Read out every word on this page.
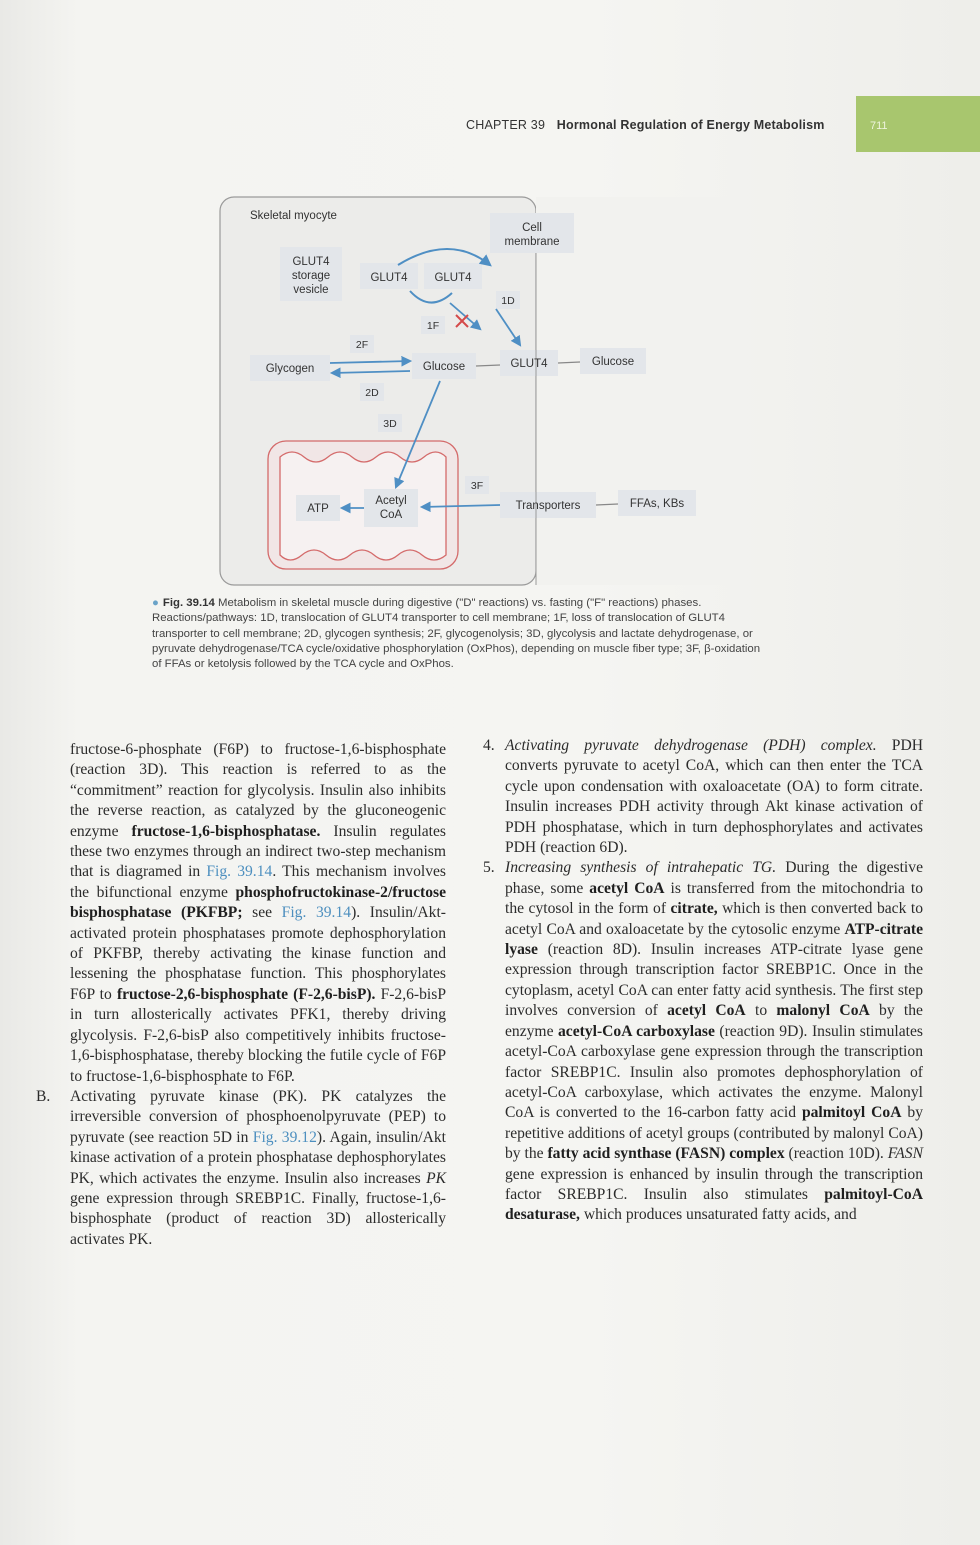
CHAPTER 39 Hormonal Regulation of Energy Metabolism	711
Skeletal myocyte
Cell
membrane
GLUT4
storage
vesicle
GLUT4 GLUT4
GLUT4
Glucose	Glucose
Glycogen
ATP
Acetyl
CoA
Transporters	FFAs, KBs
1D
1F
2F
2D
3D
3F
● Fig. 39.14 Metabolism in skeletal muscle during digestive ("D" reactions) vs. fasting ("F" reactions) phases. Reactions/pathways: 1D, translocation of GLUT4 transporter to cell membrane; 1F, loss of translocation of GLUT4 transporter to cell membrane; 2D, glycogen synthesis; 2F, glycogenolysis; 3D, glycolysis and lactate dehydrogenase, or pyruvate dehydrogenase/TCA cycle/oxidative phosphorylation (OxPhos), depending on muscle fiber type; 3F, β-oxidation of FFAs or ketolysis followed by the TCA cycle and OxPhos.

fructose-6-phosphate (F6P) to fructose-1,6-bisphosphate (reaction 3D). This reaction is referred to as the “commitment” reaction for glycolysis. Insulin also inhibits the reverse reaction, as catalyzed by the gluconeogenic enzyme fructose-1,6-bisphosphatase. Insulin regulates these two enzymes through an indirect two-step mechanism that is diagramed in Fig. 39.14. This mechanism involves the bifunctional enzyme phosphofructokinase-2/fructose bisphosphatase (PKFBP; see Fig. 39.14). Insulin/Akt-activated protein phosphatases promote dephosphorylation of PKFBP, thereby activating the kinase function and lessening the phosphatase function. This phosphorylates F6P to fructose-2,6-bisphosphate (F-2,6-bisP). F-2,6-bisP in turn allosterically activates PFK1, thereby driving glycolysis. F-2,6-bisP also competitively inhibits fructose-1,6-bisphosphatase, thereby blocking the futile cycle of F6P to fructose-1,6-bisphosphate to F6P.

B. Activating pyruvate kinase (PK). PK catalyzes the irreversible conversion of phosphoenolpyruvate (PEP) to pyruvate (see reaction 5D in Fig. 39.12). Again, insulin/Akt kinase activation of a protein phosphatase dephosphorylates PK, which activates the enzyme. Insulin also increases PK gene expression through SREBP1C. Finally, fructose-1,6-bisphosphate (product of reaction 3D) allosterically activates PK.

4. Activating pyruvate dehydrogenase (PDH) complex. PDH converts pyruvate to acetyl CoA, which can then enter the TCA cycle upon condensation with oxaloacetate (OA) to form citrate. Insulin increases PDH activity through Akt kinase activation of PDH phosphatase, which in turn dephosphorylates and activates PDH (reaction 6D).

5. Increasing synthesis of intrahepatic TG. During the digestive phase, some acetyl CoA is transferred from the mitochondria to the cytosol in the form of citrate, which is then converted back to acetyl CoA and oxaloacetate by the cytosolic enzyme ATP-citrate lyase (reaction 8D). Insulin increases ATP-citrate lyase gene expression through transcription factor SREBP1C. Once in the cytoplasm, acetyl CoA can enter fatty acid synthesis. The first step involves conversion of acetyl CoA to malonyl CoA by the enzyme acetyl-CoA carboxylase (reaction 9D). Insulin stimulates acetyl-CoA carboxylase gene expression through the transcription factor SREBP1C. Insulin also promotes dephosphorylation of acetyl-CoA carboxylase, which activates the enzyme. Malonyl CoA is converted to the 16-carbon fatty acid palmitoyl CoA by repetitive additions of acetyl groups (contributed by malonyl CoA) by the fatty acid synthase (FASN) complex (reaction 10D). FASN gene expression is enhanced by insulin through the transcription factor SREBP1C. Insulin also stimulates palmitoyl-CoA desaturase, which produces unsaturated fatty acids, and
